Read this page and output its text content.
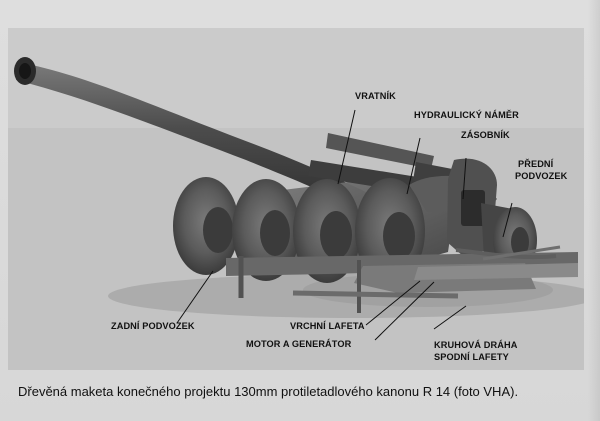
VRATNÍK
HYDRAULICKÝ NÁMĚR
ZÁSOBNÍK
PŘEDNÍ
PODVOZEK
ZADNÍ PODVOZEK	VRCHNÍ LAFETA
MOTOR A GENERÁTOR	KRUHOVÁ DRÁHA
SPODNÍ LAFETY
Dřevěná maketa konečného projektu 130mm protiletadlového kanonu R 14 (foto VHA).
